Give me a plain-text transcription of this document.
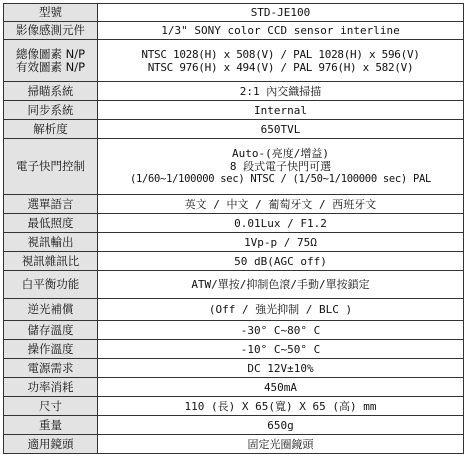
型號	STD-JE100
影像感測元件	1/3" SONY color CCD sensor interline

總像圖素 N/P
有效圖素 N/P	NTSC 1028(H) x 508(V) / PAL 1028(H) x 596(V)
NTSC 976(H) x 494(V) / PAL 976(H) x 582(V)

掃瞄系統	2:1 內交織掃描
同步系統	Internal
解析度	650TVL
電子快門控制	Auto-(亮度/增益)
8 段式電子快門可選
(1/60~1/100000 sec) NTSC / (1/50~1/100000 sec) PAL

選單語言	英文 / 中文 / 葡萄牙文 / 西班牙文
最低照度	0.01Lux / F1.2
視訊輸出	1Vp-p / 75Ω
視訊雜訊比	50 dB(AGC off)
白平衡功能	ATW/單按/抑制色滾/手動/單按鎖定
逆光補償	(Off / 強光抑制 / BLC )
儲存溫度	-30° C~80° C
操作溫度	-10° C~50° C
電源需求	DC 12V±10%
功率消耗	450mA
尺寸	110 (長) X 65(寬) X 65 (高) mm
重量	650g
適用鏡頭	固定光圈鏡頭
